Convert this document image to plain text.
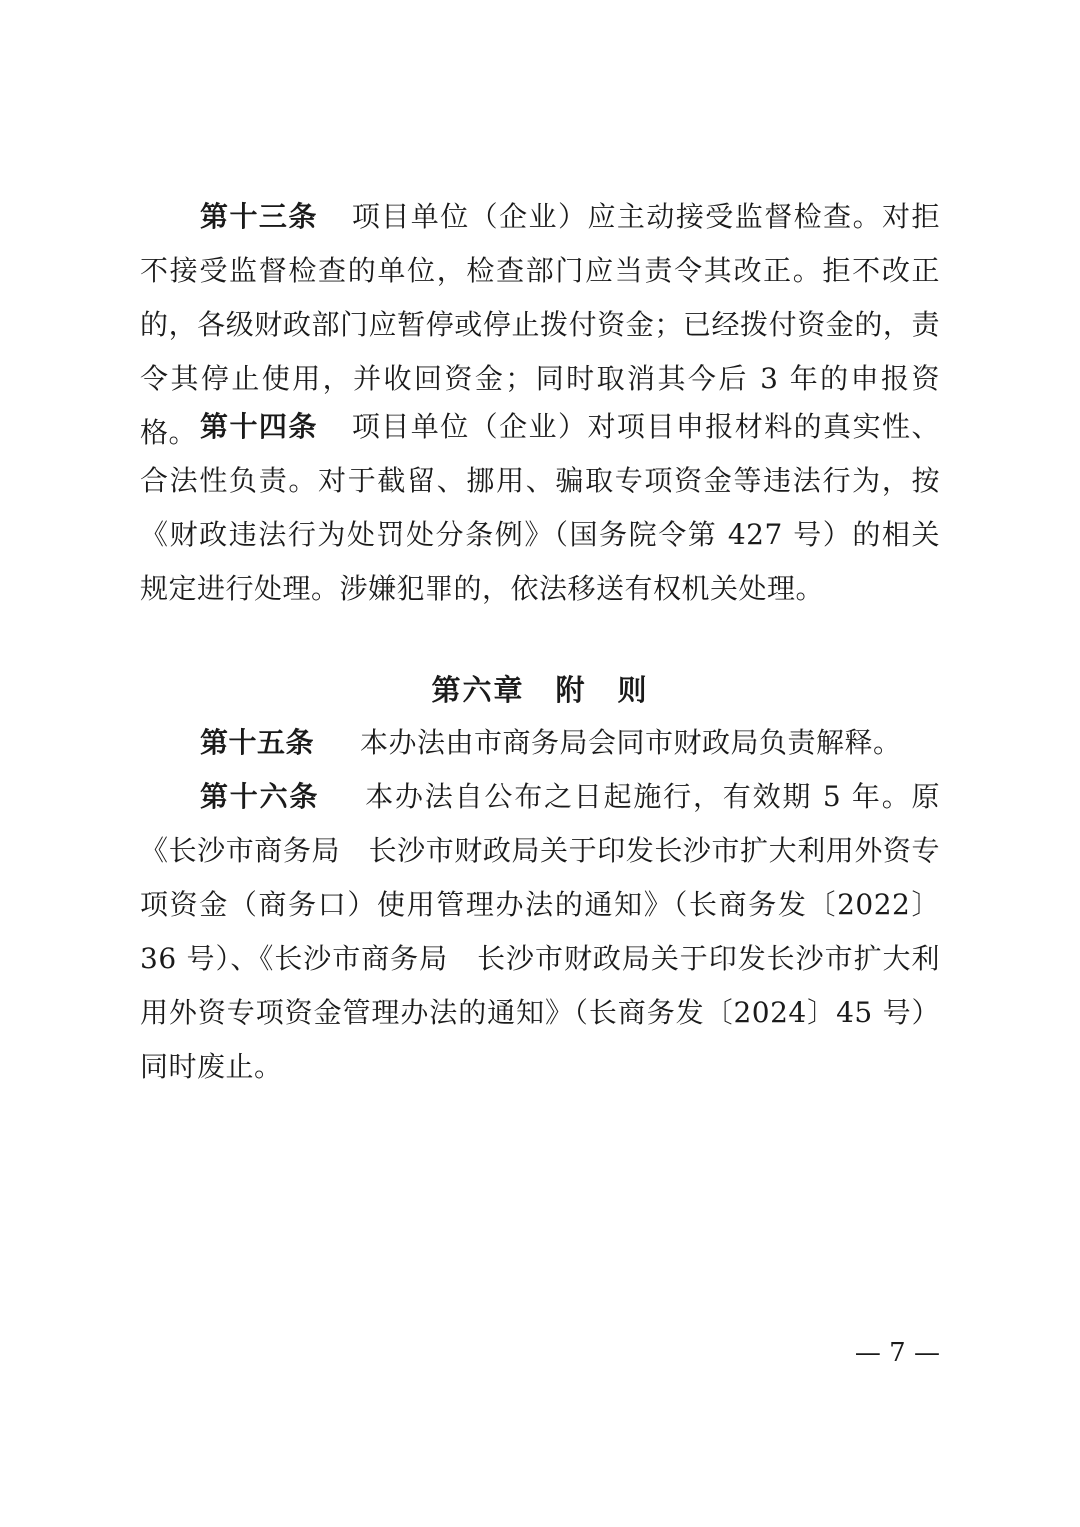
第十三条 项目单位（企业）应主动接受监督检查。对拒不接受监督检查的单位，检查部门应当责令其改正。拒不改正的，各级财政部门应暂停或停止拨付资金；已经拨付资金的，责令其停止使用，并收回资金；同时取消其今后 3 年的申报资格。 第十四条 项目单位（企业）对项目申报材料的真实性、合法性负责。对于截留、挪用、骗取专项资金等违法行为，按《财政违法行为处罚处分条例》（国务院令第 427 号）的相关规定进行处理。涉嫌犯罪的，依法移送有权机关处理。

第六章　附　则

第十五条 本办法由市商务局会同市财政局负责解释。

第十六条 本办法自公布之日起施行，有效期 5 年。原《长沙市商务局　长沙市财政局关于印发长沙市扩大利用外资专项资金（商务口）使用管理办法的通知》（长商务发〔2022〕36 号）、《长沙市商务局　长沙市财政局关于印发长沙市扩大利用外资专项资金管理办法的通知》（长商务发〔2024〕45 号）同时废止。

— 7 —
